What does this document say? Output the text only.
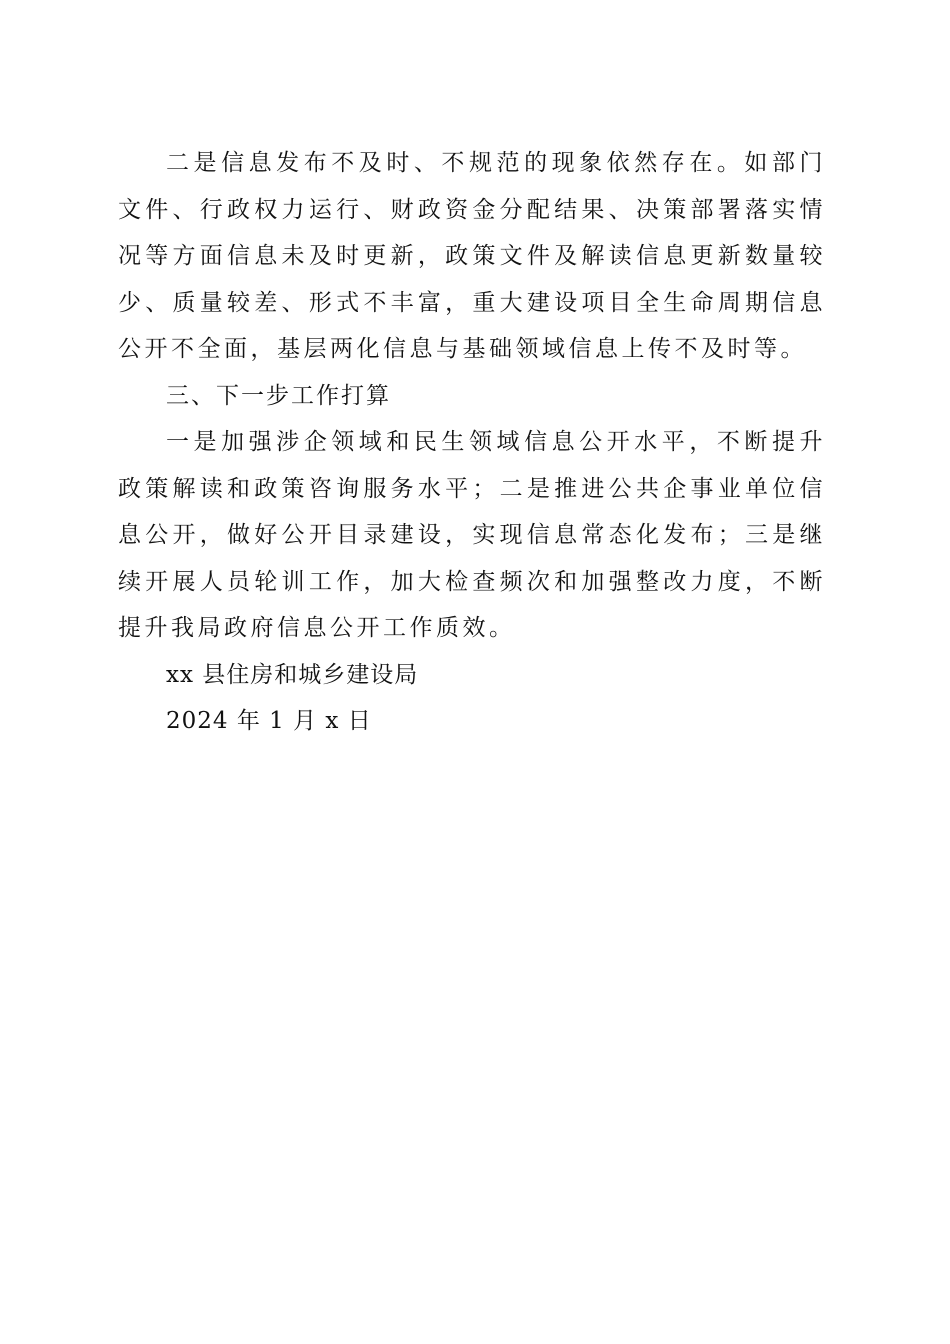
二是信息发布不及时、不规范的现象依然存在。如部门文件、行政权力运行、财政资金分配结果、决策部署落实情况等方面信息未及时更新，政策文件及解读信息更新数量较少、质量较差、形式不丰富，重大建设项目全生命周期信息公开不全面，基层两化信息与基础领域信息上传不及时等。

三、下一步工作打算

一是加强涉企领域和民生领域信息公开水平，不断提升政策解读和政策咨询服务水平；二是推进公共企事业单位信息公开，做好公开目录建设，实现信息常态化发布；三是继续开展人员轮训工作，加大检查频次和加强整改力度，不断提升我局政府信息公开工作质效。

xx 县住房和城乡建设局

2024 年 1 月 x 日
